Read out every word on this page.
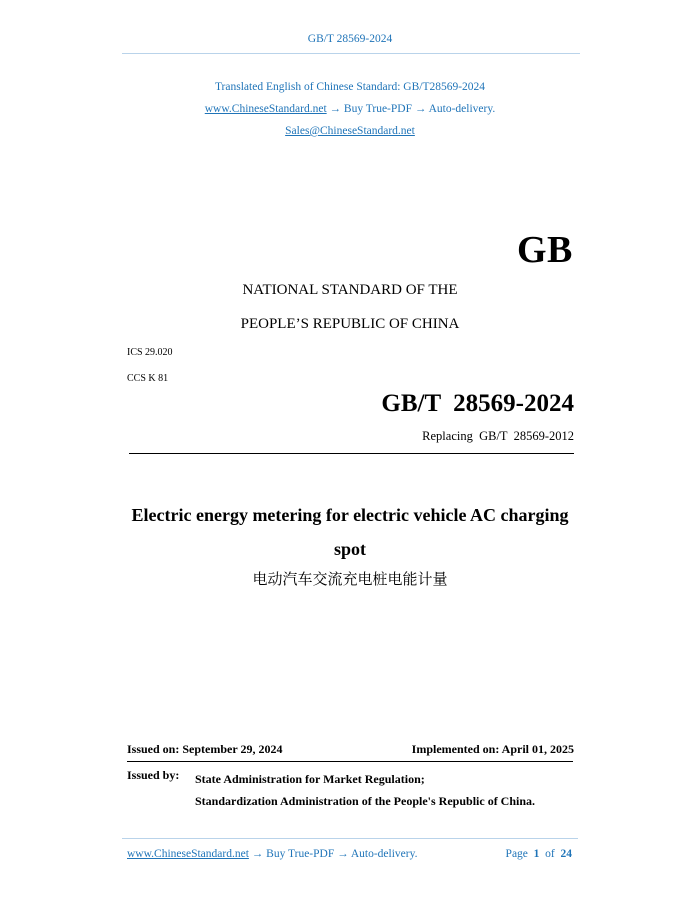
GB/T 28569-2024
Translated English of Chinese Standard: GB/T28569-2024
www.ChineseStandard.net → Buy True-PDF → Auto-delivery.
Sales@ChineseStandard.net
GB
NATIONAL STANDARD OF THE
PEOPLE’S REPUBLIC OF CHINA
ICS 29.020
CCS K 81
GB/T  28569-2024
Replacing  GB/T  28569-2012
Electric energy metering for electric vehicle AC charging
spot
电动汽车交流充电桩电能计量
Issued on: September 29, 2024	Implemented on: April 01, 2025
Issued by: State Administration for Market Regulation;
Standardization Administration of the People's Republic of China.
www.ChineseStandard.net → Buy True-PDF → Auto-delivery.	Page 1 of 24
